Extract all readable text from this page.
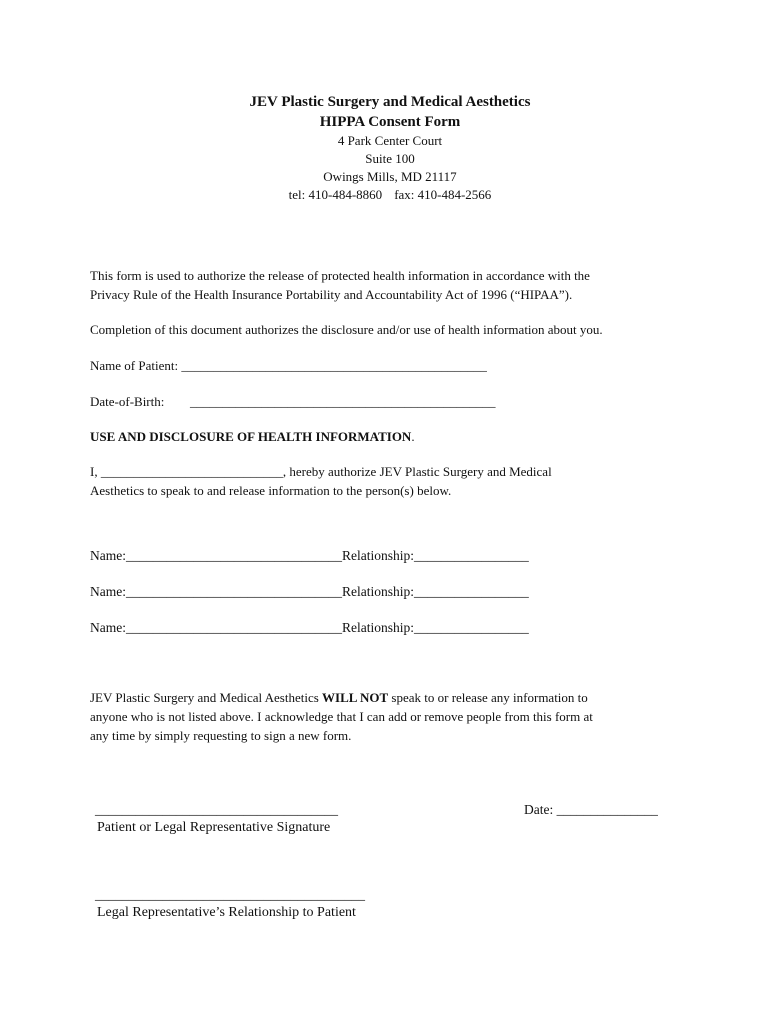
JEV Plastic Surgery and Medical Aesthetics
HIPPA Consent Form
4 Park Center Court
Suite 100
Owings Mills, MD 21117
tel: 410-484-8860 fax: 410-484-2566

This form is used to authorize the release of protected health information in accordance with the

Privacy Rule of the Health Insurance Portability and Accountability Act of 1996 (“HIPAA”).

Completion of this document authorizes the disclosure and/or use of health information about you.

Name of Patient: _______________________________________________
Date-of-Birth: _______________________________________________
USE AND DISCLOSURE OF HEALTH INFORMATION.

I, ____________________________, hereby authorize JEV Plastic Surgery and Medical

Aesthetics to speak to and release information to the person(s) below.

Name:________________________________Relationship:_________________
Name:________________________________Relationship:_________________
Name:________________________________Relationship:_________________

JEV Plastic Surgery and Medical Aesthetics WILL NOT speak to or release any information to

anyone who is not listed above. I acknowledge that I can add or remove people from this form at

any time by simply requesting to sign a new form.

____________________________________
Patient or Legal Representative Signature
Date: _______________
________________________________________
Legal Representative’s Relationship to Patient
